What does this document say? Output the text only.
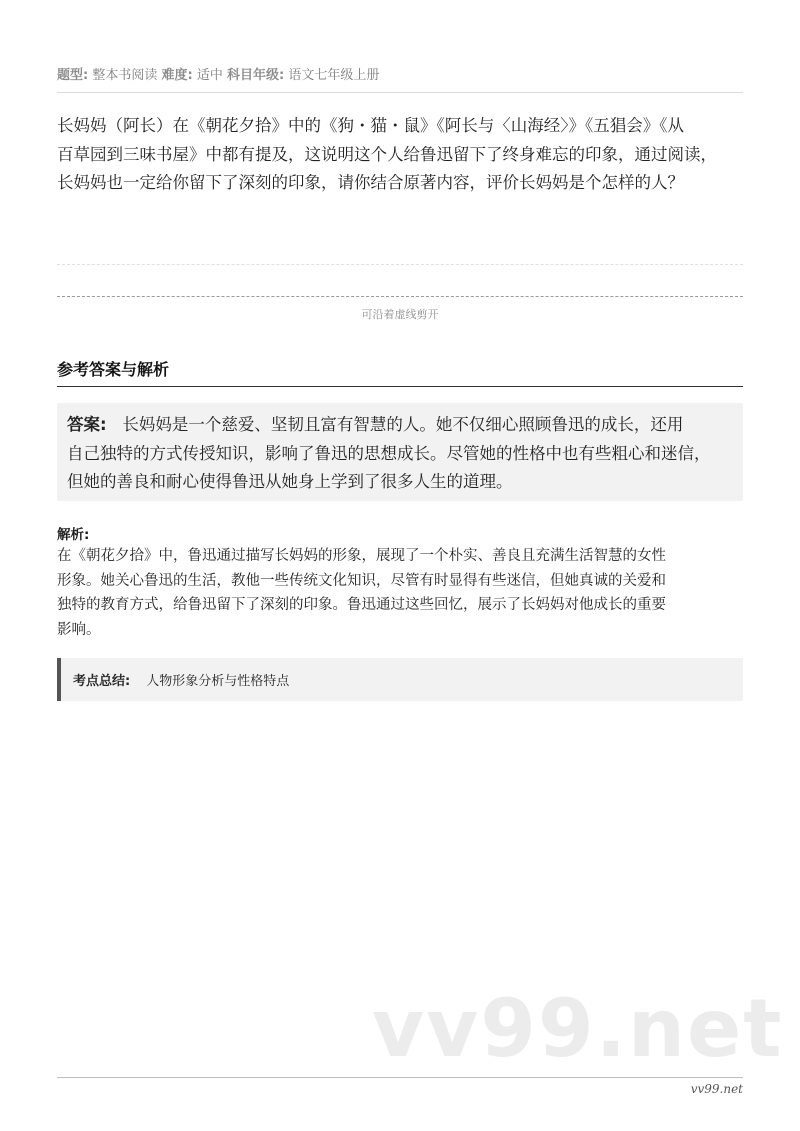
题型: 整本书阅读 难度: 适中 科目年级: 语文七年级上册
长妈妈（阿长）在《朝花夕拾》中的《狗・猫・鼠》《阿长与〈山海经〉》《五猖会》《从
百草园到三味书屋》中都有提及，这说明这个人给鲁迅留下了终身难忘的印象，通过阅读，
长妈妈也一定给你留下了深刻的印象，请你结合原著内容，评价长妈妈是个怎样的人？
可沿着虚线剪开
参考答案与解析
答案: 长妈妈是一个慈爱、坚韧且富有智慧的人。她不仅细心照顾鲁迅的成长，还用
自己独特的方式传授知识，影响了鲁迅的思想成长。尽管她的性格中也有些粗心和迷信，
但她的善良和耐心使得鲁迅从她身上学到了很多人生的道理。
解析:
在《朝花夕拾》中，鲁迅通过描写长妈妈的形象，展现了一个朴实、善良且充满生活智慧的女性
形象。她关心鲁迅的生活，教他一些传统文化知识，尽管有时显得有些迷信，但她真诚的关爱和
独特的教育方式，给鲁迅留下了深刻的印象。鲁迅通过这些回忆，展示了长妈妈对他成长的重要
影响。
考点总结: 人物形象分析与性格特点
vv99.net
vv99.net
